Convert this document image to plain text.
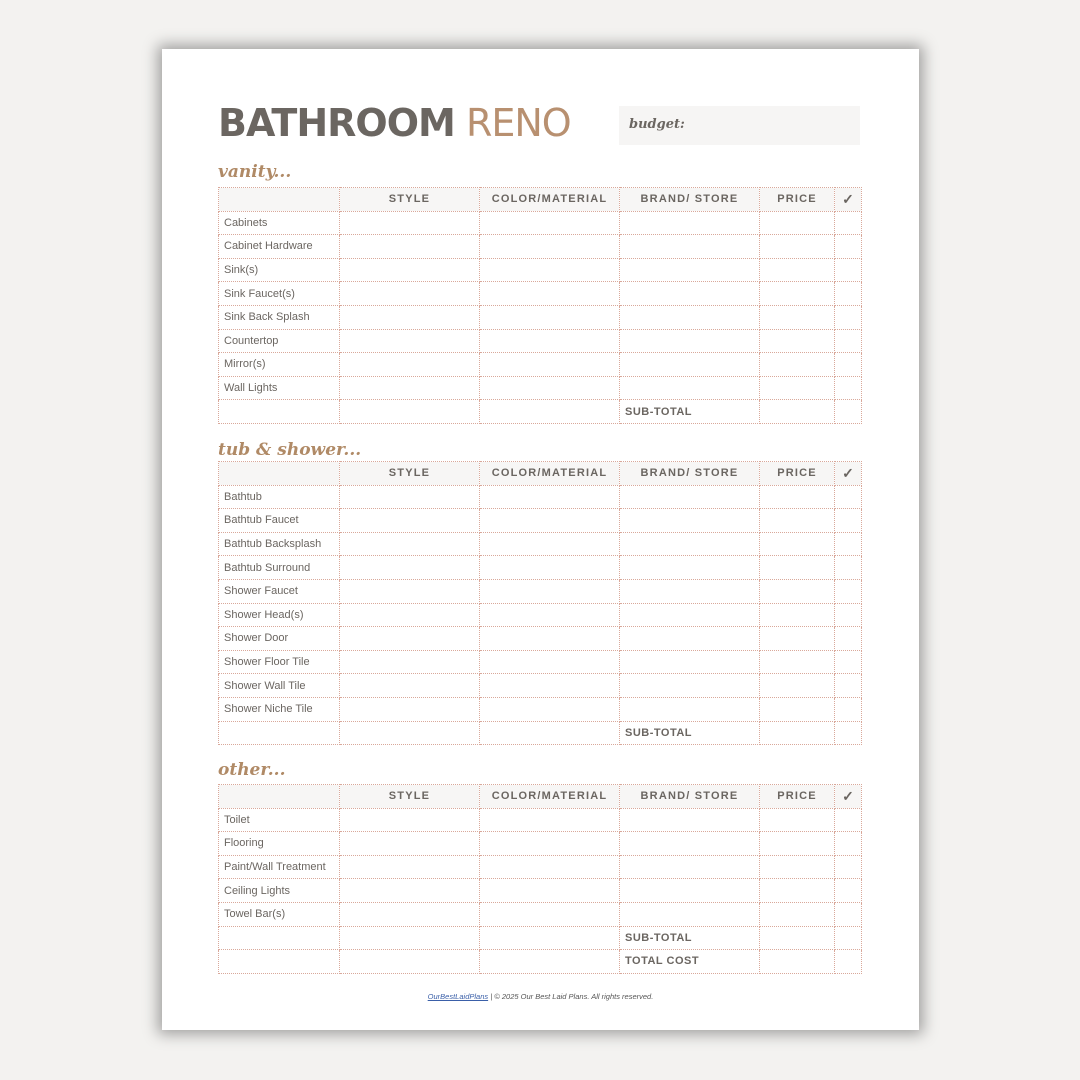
BATHROOM RENO	budget:
vanity...
	STYLE	COLOR/MATERIAL	BRAND/ STORE	PRICE	✓
Cabinets					
Cabinet Hardware					
Sink(s)					
Sink Faucet(s)					
Sink Back Splash					
Countertop					
Mirror(s)					
Wall Lights					
			SUB-TOTAL		
tub & shower...
	STYLE	COLOR/MATERIAL	BRAND/ STORE	PRICE	✓
Bathtub					
Bathtub Faucet					
Bathtub Backsplash					
Bathtub Surround					
Shower Faucet					
Shower Head(s)					
Shower Door					
Shower Floor Tile					
Shower Wall Tile					
Shower Niche Tile					
			SUB-TOTAL		
other...
	STYLE	COLOR/MATERIAL	BRAND/ STORE	PRICE	✓
Toilet					
Flooring					
Paint/Wall Treatment					
Ceiling Lights					
Towel Bar(s)					
			SUB-TOTAL		
			TOTAL COST		
OurBestLaidPlans | © 2025 Our Best Laid Plans. All rights reserved.
